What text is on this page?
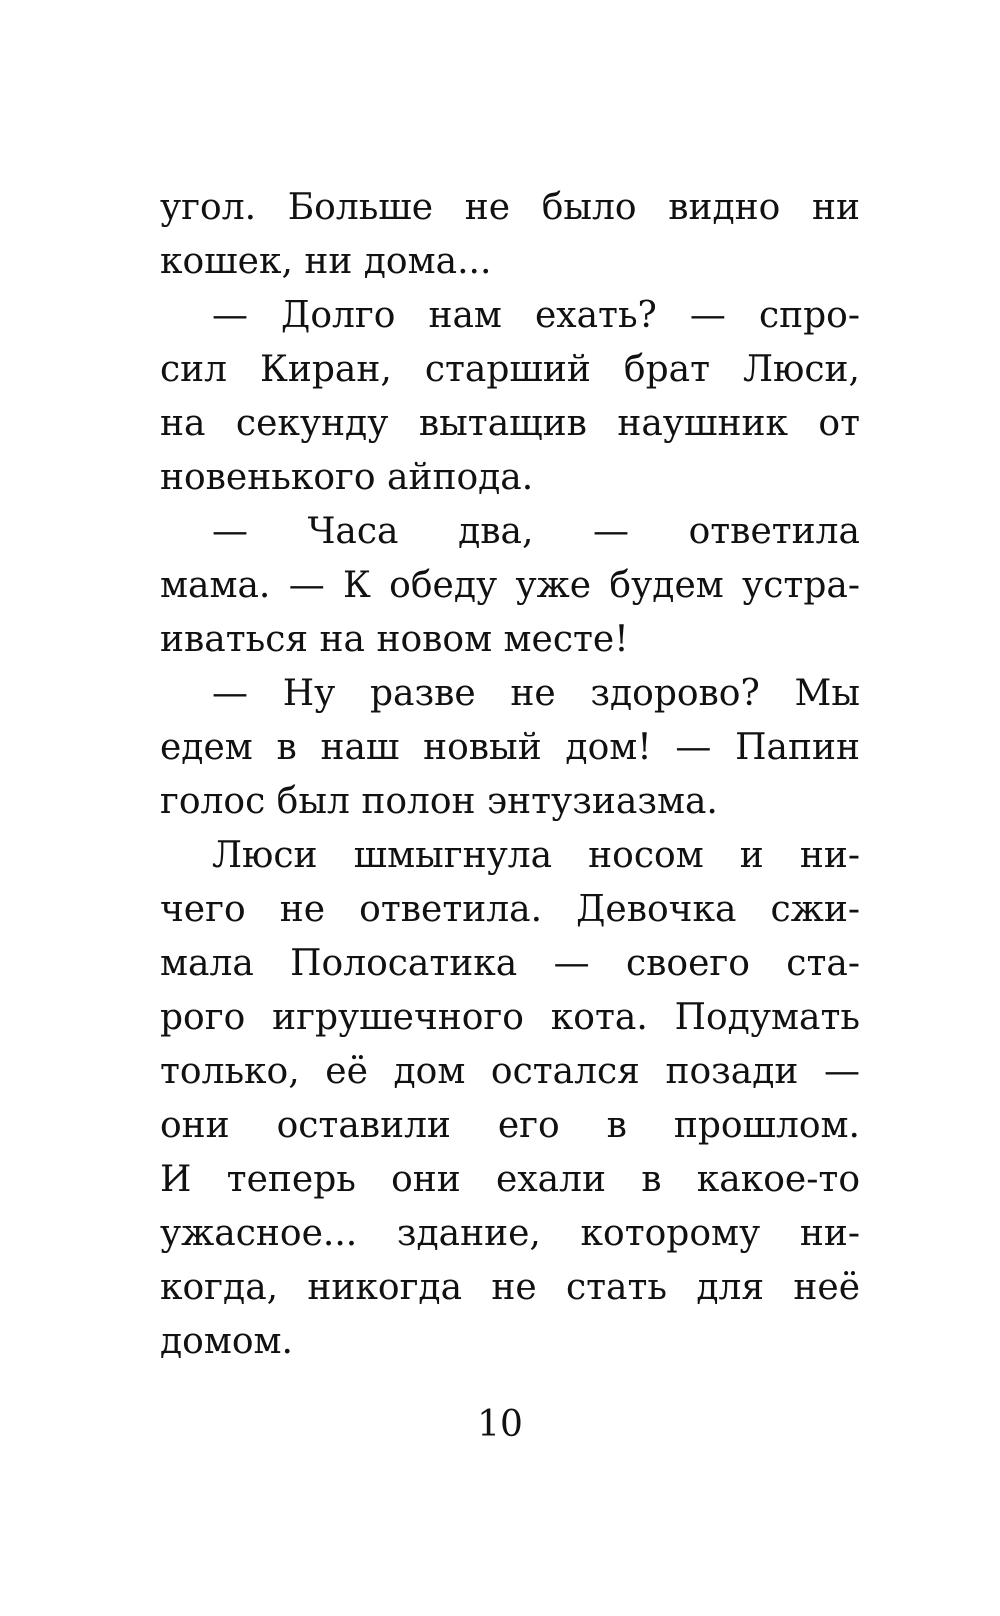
угол. Больше не было видно ни
кошек, ни дома...
— Долго нам ехать? — спро-
сил Киран, старший брат Люси,
на секунду вытащив наушник от
новенького айпода.
— Часа два, — ответила
мама. — К обеду уже будем устра-
иваться на новом месте!
— Ну разве не здорово? Мы
едем в наш новый дом! — Папин
голос был полон энтузиазма.
Люси шмыгнула носом и ни-
чего не ответила. Девочка сжи-
мала Полосатика — своего ста-
рого игрушечного кота. Подумать
только, её дом остался позади —
они оставили его в прошлом.
И теперь они ехали в какое-то
ужасное... здание, которому ни-
когда, никогда не стать для неё
домом.
10
